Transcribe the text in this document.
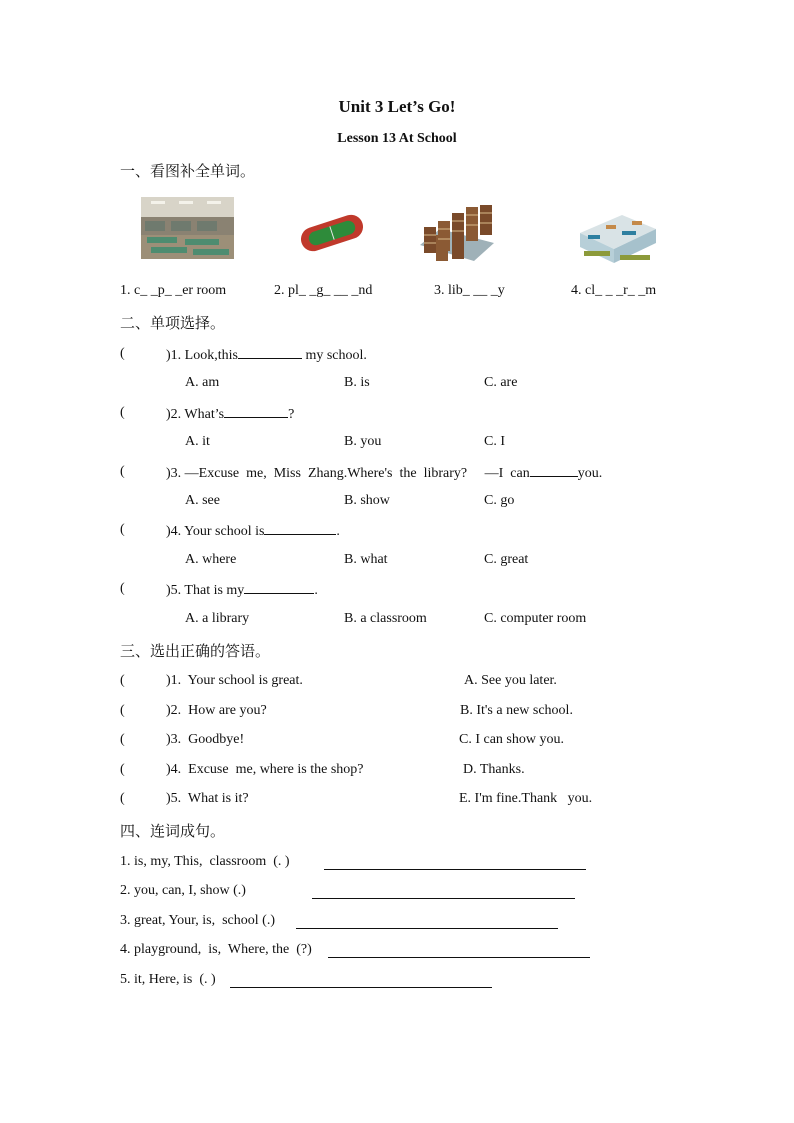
Unit 3 Let’s Go!
Lesson 13 At School
一、看图补全单词。
1. c_ _p_ _er room	2. pl_ _g_ __ _nd	3. lib_ __ _y	4. cl_ _ _r_ _m
二、单项选择。
(	)1. Look,this	my school.
A. am	B. is	C. are
(	)2. What’s	?
A. it	B. you	C. I
(	)3. —Excuse  me,  Miss  Zhang.Where's  the  library?     —I  can	you.
A. see	B. show	C. go
(	)4. Your school is	.
A. where	B. what	C. great
(	)5. That is my	.
A. a library	B. a classroom	C. computer room
三、选出正确的答语。
(	)1.  Your school is great.	A. See you later.
(	)2.  How are you?	B. It's a new school.
(	)3.  Goodbye!	C. I can show you.
(	)4.  Excuse  me, where is the shop?	D. Thanks.
(	)5.  What is it?	E. I'm fine.Thank   you.
四、连词成句。
1. is, my, This,  classroom  (. )
2. you, can, I, show (.)
3. great, Your, is,  school (.)
4. playground,  is,  Where, the  (?)
5. it, Here, is  (. )
